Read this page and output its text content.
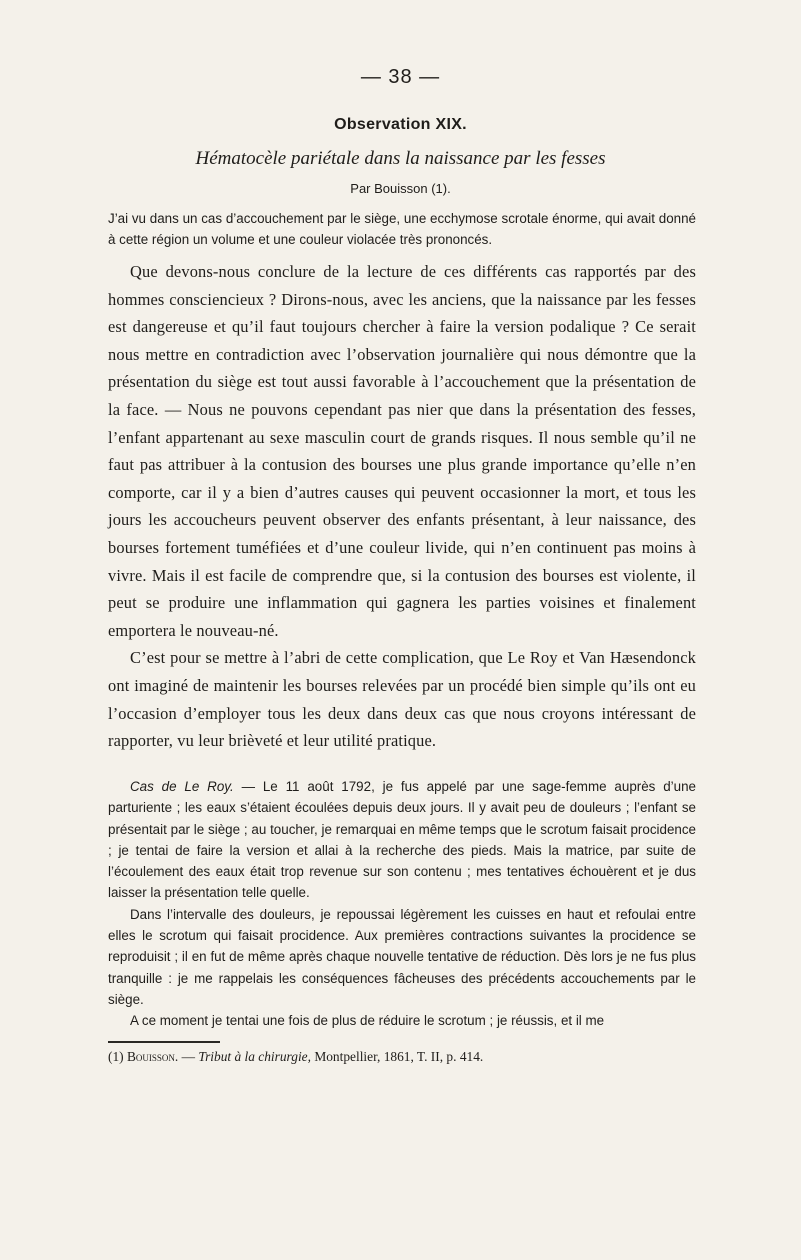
— 38 —
Observation XIX.
Hématocèle pariétale dans la naissance par les fesses
Par Bouisson (1).

J’ai vu dans un cas d’accouchement par le siège, une ecchymose scrotale énorme, qui avait donné à cette région un volume et une couleur violacée très prononcés.

Que devons-nous conclure de la lecture de ces différents cas rapportés par des hommes consciencieux ? Dirons-nous, avec les anciens, que la naissance par les fesses est dangereuse et qu’il faut toujours chercher à faire la version podalique ? Ce serait nous mettre en contradiction avec l’observation journalière qui nous démontre que la présentation du siège est tout aussi favorable à l’accouchement que la présentation de la face. — Nous ne pouvons cependant pas nier que dans la présentation des fesses, l’enfant appartenant au sexe masculin court de grands risques. Il nous semble qu’il ne faut pas attribuer à la contusion des bourses une plus grande importance qu’elle n’en comporte, car il y a bien d’autres causes qui peuvent occasionner la mort, et tous les jours les accoucheurs peuvent observer des enfants présentant, à leur naissance, des bourses fortement tuméfiées et d’une couleur livide, qui n’en continuent pas moins à vivre. Mais il est facile de comprendre que, si la contusion des bourses est violente, il peut se produire une inflammation qui gagnera les parties voisines et finalement emportera le nouveau-né.

C’est pour se mettre à l’abri de cette complication, que Le Roy et Van Hæsendonck ont imaginé de maintenir les bourses relevées par un procédé bien simple qu’ils ont eu l’occasion d’employer tous les deux dans deux cas que nous croyons intéressant de rapporter, vu leur brièveté et leur utilité pratique.

Cas de Le Roy. — Le 11 août 1792, je fus appelé par une sage-femme auprès d’une parturiente ; les eaux s’étaient écoulées depuis deux jours. Il y avait peu de douleurs ; l’enfant se présentait par le siège ; au toucher, je remarquai en même temps que le scrotum faisait procidence ; je tentai de faire la version et allai à la recherche des pieds. Mais la matrice, par suite de l’écoulement des eaux était trop revenue sur son contenu ; mes tentatives échouèrent et je dus laisser la présentation telle quelle.

Dans l’intervalle des douleurs, je repoussai légèrement les cuisses en haut et refoulai entre elles le scrotum qui faisait procidence. Aux premières contractions suivantes la procidence se reproduisit ; il en fut de même après chaque nouvelle tentative de réduction. Dès lors je ne fus plus tranquille : je me rappelais les conséquences fâcheuses des précédents accouchements par le siège.

A ce moment je tentai une fois de plus de réduire le scrotum ; je réussis, et il me

(1) Bouisson. — Tribut à la chirurgie, Montpellier, 1861, T. II, p. 414.
